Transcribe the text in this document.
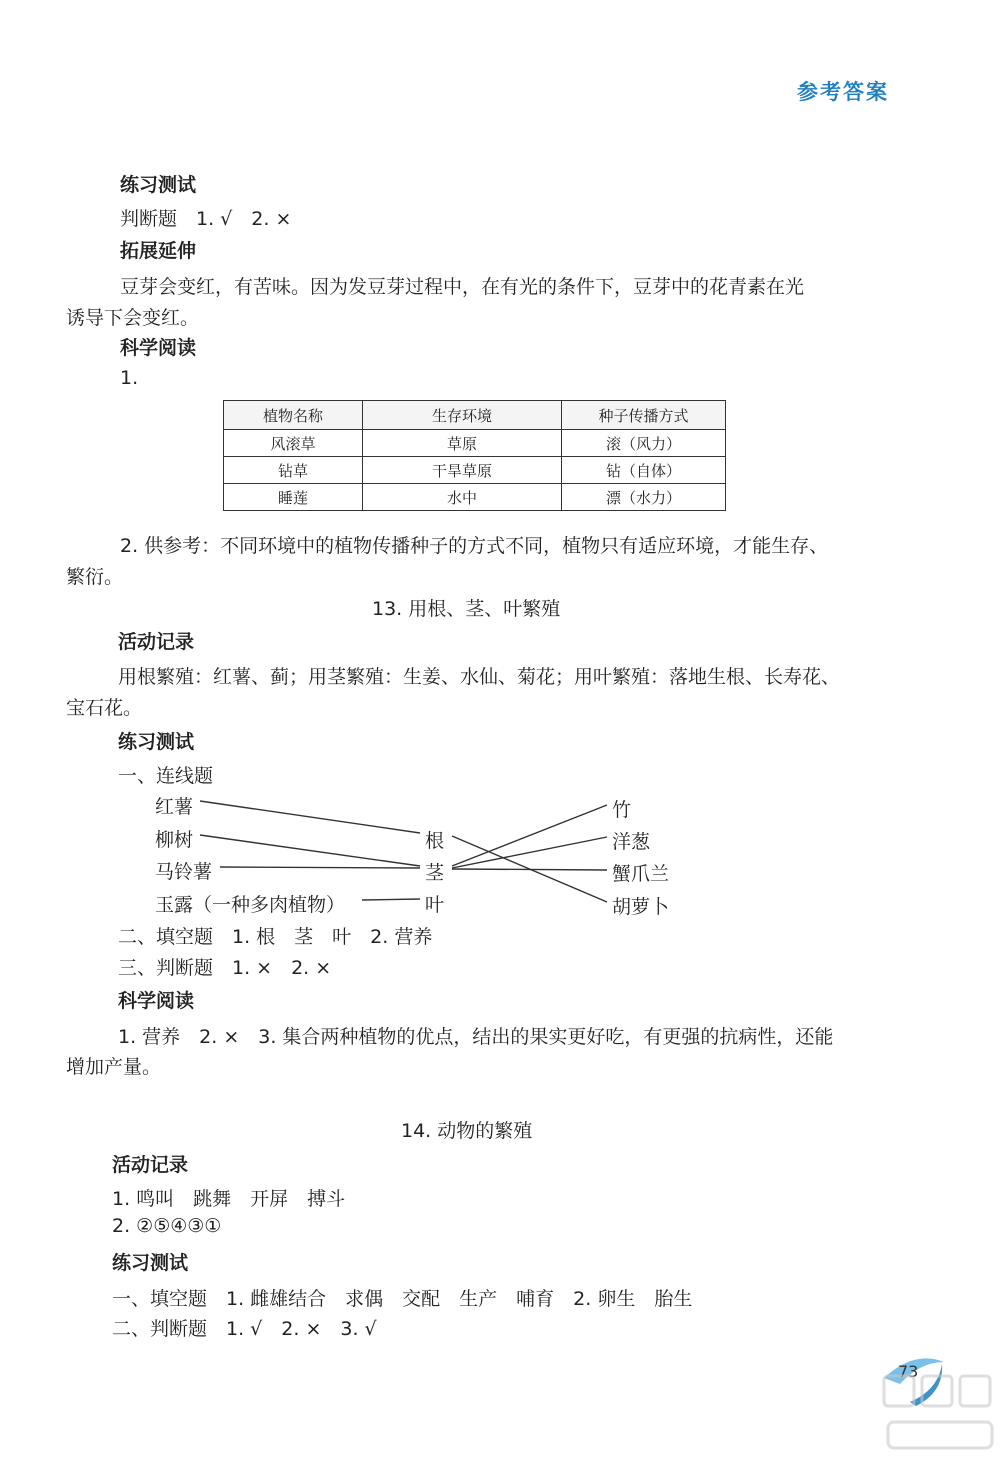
参考答案
练习测试
判断题　1. √　2. ×
拓展延伸
豆芽会变红，有苦味。因为发豆芽过程中，在有光的条件下，豆芽中的花青素在光
诱导下会变红。
科学阅读
1.
植物名称	生存环境	种子传播方式
风滚草	草原	滚（风力）
钻草	干旱草原	钻（自体）
睡莲	水中	漂（水力）
2. 供参考：不同环境中的植物传播种子的方式不同，植物只有适应环境，才能生存、
繁衍。
13. 用根、茎、叶繁殖
活动记录
用根繁殖：红薯、蓟；用茎繁殖：生姜、水仙、菊花；用叶繁殖：落地生根、长寿花、
宝石花。
练习测试
一、连线题
红薯
柳树
马铃薯
玉露（一种多肉植物）
根
茎
叶
竹
洋葱
蟹爪兰
胡萝卜
二、填空题　1. 根　茎　叶　2. 营养
三、判断题　1. ×　2. ×
科学阅读
1. 营养　2. ×　3. 集合两种植物的优点，结出的果实更好吃，有更强的抗病性，还能
增加产量。
14. 动物的繁殖
活动记录
1. 鸣叫　跳舞　开屏　搏斗
2. ②⑤④③①
练习测试
一、填空题　1. 雌雄结合　求偶　交配　生产　哺育　2. 卵生　胎生
二、判断题　1. √　2. ×　3. √
73
